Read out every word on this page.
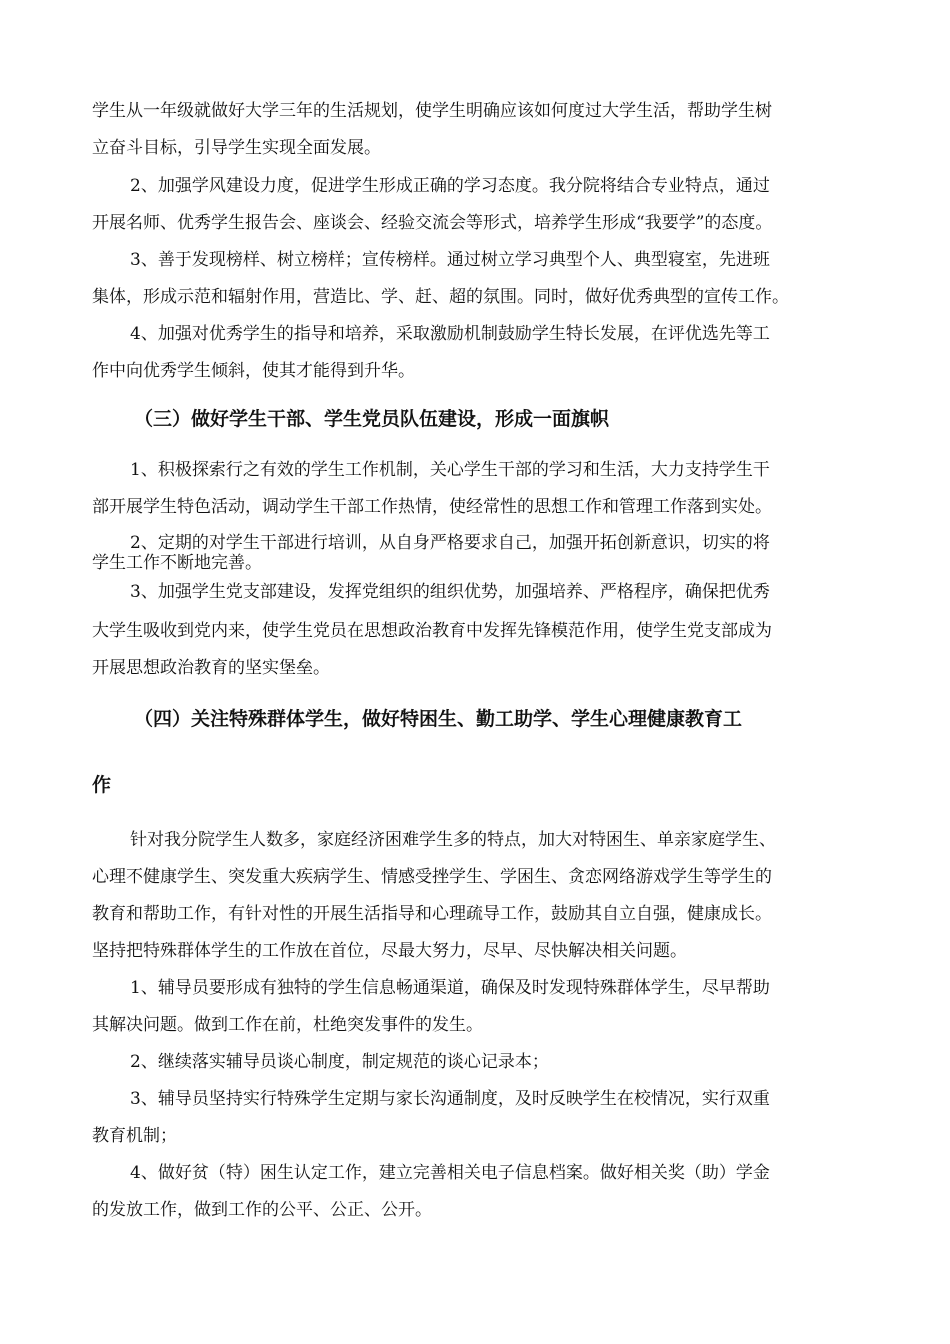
学生从一年级就做好大学三年的生活规划，使学生明确应该如何度过大学生活，帮助学生树
立奋斗目标，引导学生实现全面发展。
2、加强学风建设力度，促进学生形成正确的学习态度。我分院将结合专业特点，通过
开展名师、优秀学生报告会、座谈会、经验交流会等形式，培养学生形成“我要学”的态度。
3、善于发现榜样、树立榜样；宣传榜样。通过树立学习典型个人、典型寝室，先进班
集体，形成示范和辐射作用，营造比、学、赶、超的氛围。同时，做好优秀典型的宣传工作。
4、加强对优秀学生的指导和培养，采取激励机制鼓励学生特长发展，在评优选先等工
作中向优秀学生倾斜，使其才能得到升华。
（三）做好学生干部、学生党员队伍建设，形成一面旗帜
1、积极探索行之有效的学生工作机制，关心学生干部的学习和生活，大力支持学生干
部开展学生特色活动，调动学生干部工作热情，使经常性的思想工作和管理工作落到实处。
2、定期的对学生干部进行培训，从自身严格要求自己，加强开拓创新意识，切实的将
学生工作不断地完善。
3、加强学生党支部建设，发挥党组织的组织优势，加强培养、严格程序，确保把优秀
大学生吸收到党内来，使学生党员在思想政治教育中发挥先锋模范作用，使学生党支部成为
开展思想政治教育的坚实堡垒。
（四）关注特殊群体学生，做好特困生、勤工助学、学生心理健康教育工
作
针对我分院学生人数多，家庭经济困难学生多的特点，加大对特困生、单亲家庭学生、
心理不健康学生、突发重大疾病学生、情感受挫学生、学困生、贪恋网络游戏学生等学生的
教育和帮助工作，有针对性的开展生活指导和心理疏导工作，鼓励其自立自强，健康成长。
坚持把特殊群体学生的工作放在首位，尽最大努力，尽早、尽快解决相关问题。
1、辅导员要形成有独特的学生信息畅通渠道，确保及时发现特殊群体学生，尽早帮助
其解决问题。做到工作在前，杜绝突发事件的发生。
2、继续落实辅导员谈心制度，制定规范的谈心记录本；
3、辅导员坚持实行特殊学生定期与家长沟通制度，及时反映学生在校情况，实行双重
教育机制；
4、做好贫（特）困生认定工作，建立完善相关电子信息档案。做好相关奖（助）学金
的发放工作，做到工作的公平、公正、公开。
